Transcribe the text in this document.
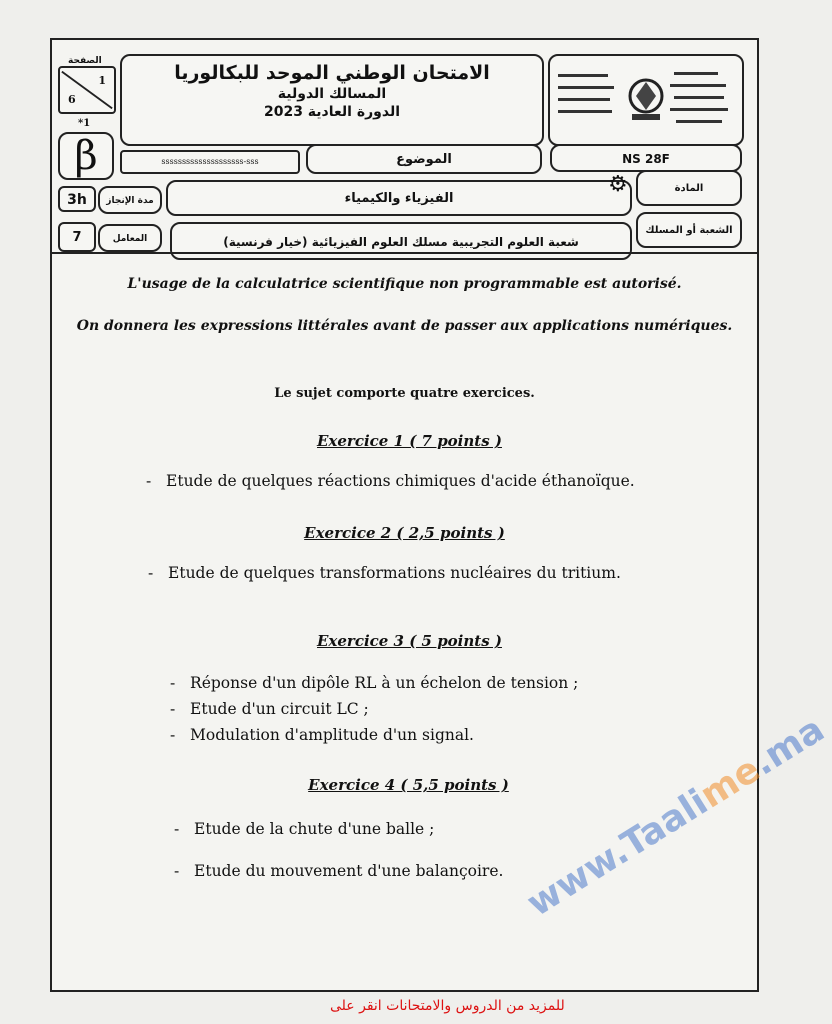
الصفحة
1
6
*1
الامتحان الوطني الموحد للبكالوريا
المسالك الدولية
الدورة العادية 2023
β	ssssssssssssssssssss-sss	الموضوع	NS 28F
3h	مدة الإنجاز	الفيزياء والكيمياء
⚙	المادة
7	المعامل	شعبة العلوم التجريبية مسلك العلوم الفيزيائية (خيار فرنسية)
الشعبة أو المسلك
L'usage de la calculatrice scientifique non programmable est autorisé.
On donnera les expressions littérales avant de passer aux applications numériques.
Le sujet comporte quatre exercices.
Exercice 1 ( 7 points )
- Etude de quelques réactions chimiques d'acide éthanoïque.
Exercice 2 ( 2,5 points )
- Etude de quelques transformations nucléaires du tritium.
Exercice 3 ( 5 points )
- Réponse d'un dipôle RL à un échelon de tension ;
- Etude d'un circuit LC ;
- Modulation d'amplitude d'un signal.
Exercice 4 ( 5,5 points )
- Etude de la chute d'une balle ;
- Etude du mouvement d'une balançoire. www.Taalime.ma
للمزيد من الدروس والامتحانات انقر على
